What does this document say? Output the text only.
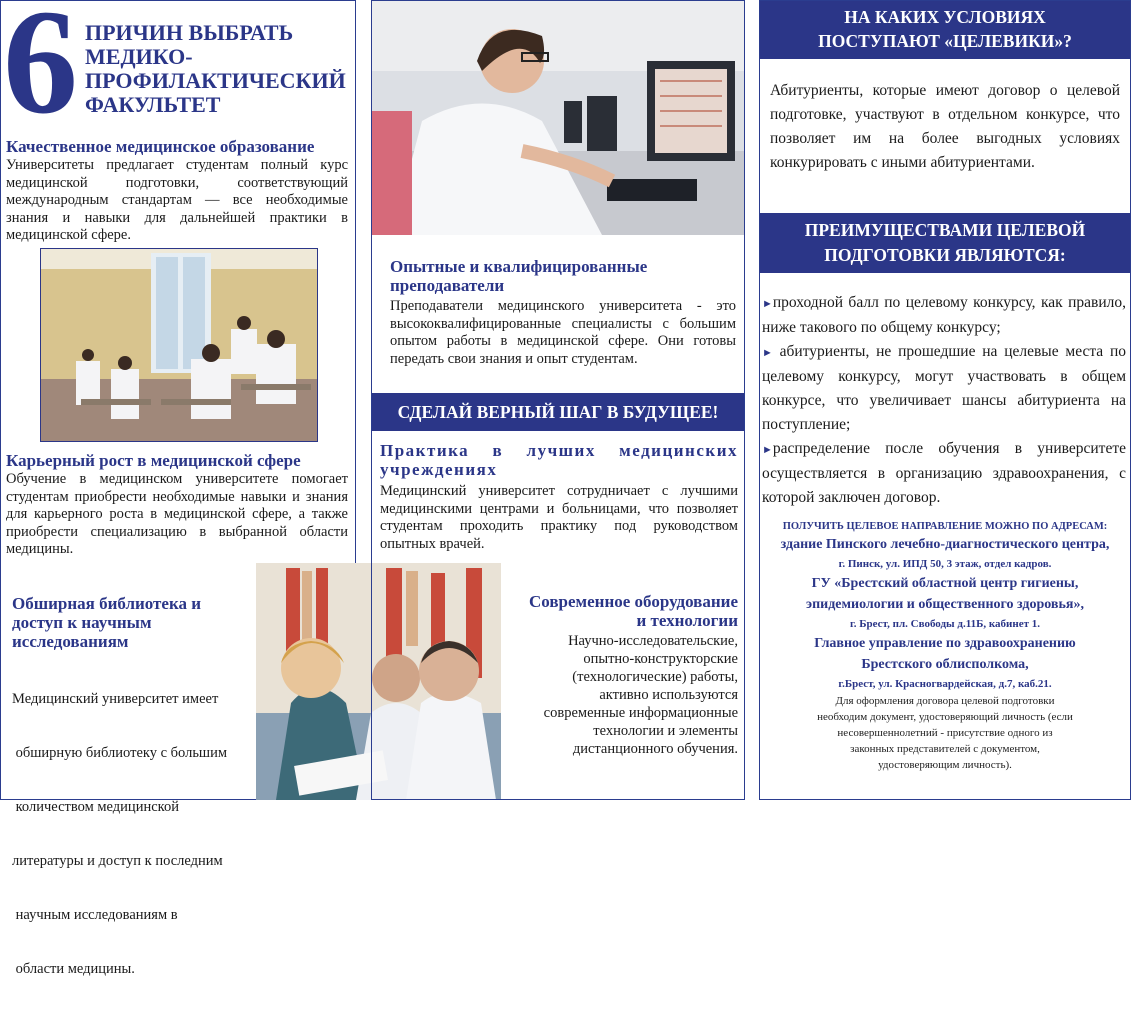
6 ПРИЧИН ВЫБРАТЬ
МЕДИКО-
ПРОФИЛАКТИЧЕСКИЙ
ФАКУЛЬТЕТ
Качественное медицинское образование

Университеты предлагает студентам полный курс медицинской подготовки, соответствующий международным стандартам — все необходимые знания и навыки для дальнейшей практики в медицинской сфере.

Карьерный рост в медицинской сфере

Обучение в медицинском университете помогает студентам приобрести необходимые навыки и знания для карьерного роста в медицинской сфере, а также приобрести специализацию в выбранной области медицины.

Обширная библиотека и
доступ к научным
исследованиям

Медицинский университет имеет

обширную библиотеку с большим

количеством медицинской

литературы и доступ к последним

научным исследованиям в

области медицины.

Опытные и квалифицированные
преподаватели

Преподаватели медицинского университета - это высококвалифицированные специалисты с большим опытом работы в медицинской сфере. Они готовы передать свои знания и опыт студентам.

СДЕЛАЙ ВЕРНЫЙ ШАГ В БУДУЩЕЕ!
Практика в лучших медицинских учреждениях

Медицинский университет сотрудничает с лучшими медицинскими центрами и больницами, что позволяет студентам проходить практику под руководством опытных врачей.

Современное оборудование
и технологии
Научно-исследовательские,
опытно-конструкторские
(технологические) работы,
активно используются
современные информационные
технологии и элементы
дистанционного обучения.
НА КАКИХ УСЛОВИЯХ
ПОСТУПАЮТ «ЦЕЛЕВИКИ»?

Абитуриенты, которые имеют договор о целевой подготовке, участвуют в отдельном конкурсе, что позволяет им на более выгодных условиях конкурировать с иными абитуриентами.

ПРЕИМУЩЕСТВАМИ ЦЕЛЕВОЙ
ПОДГОТОВКИ ЯВЛЯЮТСЯ:

►проходной балл по целевому конкурсу, как правило, ниже такового по общему конкурсу;

► абитуриенты, не прошедшие на целевые места по целевому конкурсу, могут участвовать в общем конкурсе, что увеличивает шансы абитуриента на поступление;

►распределение после обучения в университете осуществляется в организацию здравоохранения, с которой заключен договор.

ПОЛУЧИТЬ ЦЕЛЕВОЕ НАПРАВЛЕНИЕ МОЖНО ПО АДРЕСАМ:
здание Пинского лечебно-диагностического центра,
г. Пинск, ул. ИПД 50, 3 этаж, отдел кадров.
ГУ «Брестский областной центр гигиены,
эпидемиологии и общественного здоровья»,
г. Брест, пл. Свободы д.11Б, кабинет 1.
Главное управление по здравоохранению
Брестского облисполкома,
г.Брест, ул. Красногвардейская, д.7, каб.21.
Для оформления договора целевой подготовки
необходим документ, удостоверяющий личность (если
несовершеннолетний - присутствие одного из
законных представителей с документом,
удостоверяющим личность).
